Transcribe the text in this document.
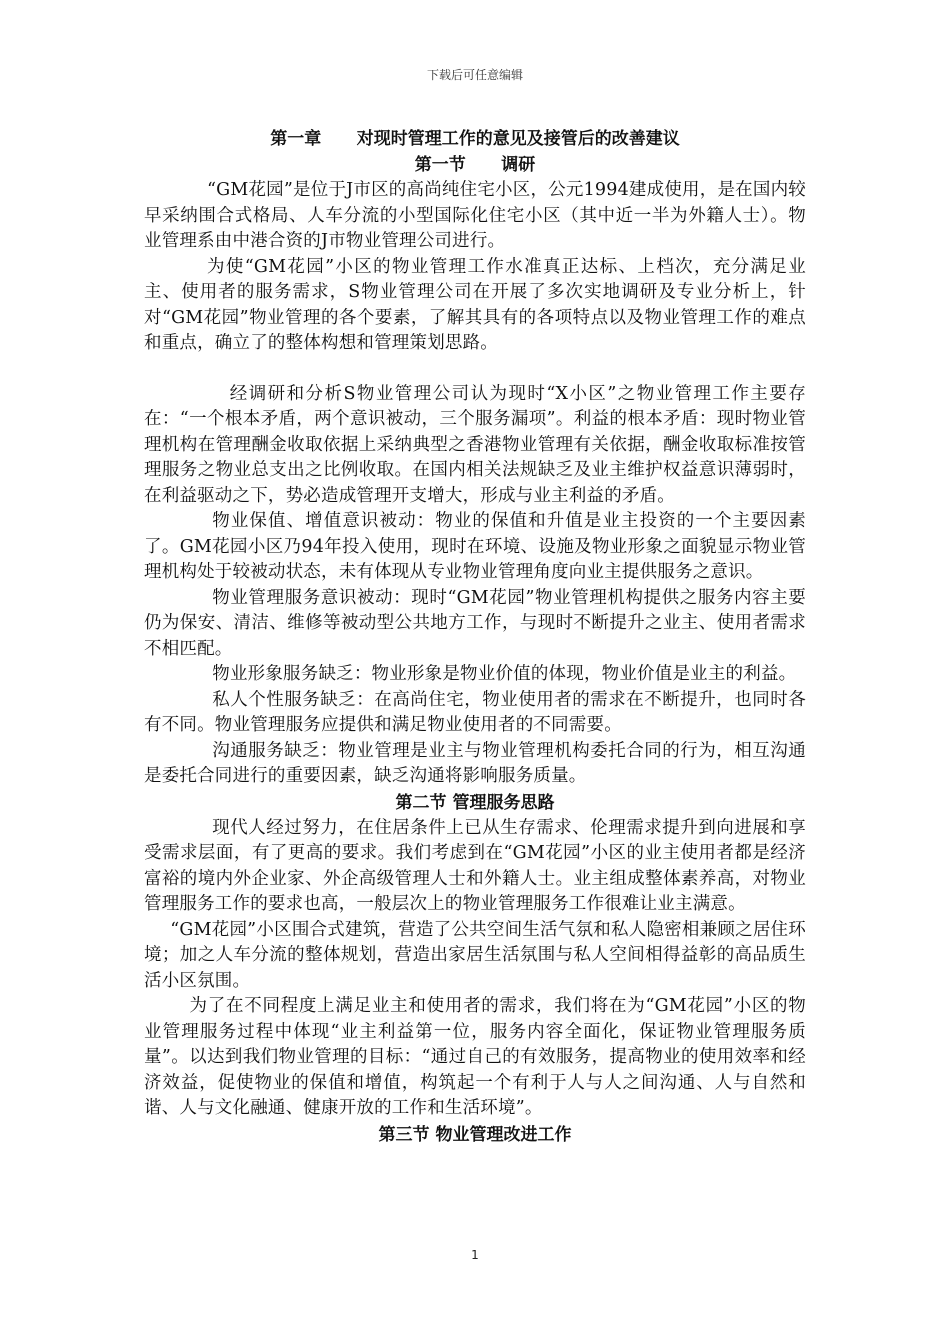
下载后可任意编辑
第一章      对现时管理工作的意见及接管后的改善建议
第一节      调研

“GM花园”是位于J市区的高尚纯住宅小区，公元1994建成使用，是在国内较早采纳围合式格局、人车分流的小型国际化住宅小区（其中近一半为外籍人士）。物业管理系由中港合资的J市物业管理公司进行。

为使“GM花园”小区的物业管理工作水准真正达标、上档次，充分满足业主、使用者的服务需求，S物业管理公司在开展了多次实地调研及专业分析上，针对“GM花园”物业管理的各个要素，了解其具有的各项特点以及物业管理工作的难点和重点，确立了的整体构想和管理策划思路。

经调研和分析S物业管理公司认为现时“X小区”之物业管理工作主要存在：“一个根本矛盾，两个意识被动，三个服务漏项”。利益的根本矛盾：现时物业管理机构在管理酬金收取依据上采纳典型之香港物业管理有关依据，酬金收取标准按管理服务之物业总支出之比例收取。在国内相关法规缺乏及业主维护权益意识薄弱时，在利益驱动之下，势必造成管理开支增大，形成与业主利益的矛盾。

物业保值、增值意识被动：物业的保值和升值是业主投资的一个主要因素了。GM花园小区乃94年投入使用，现时在环境、设施及物业形象之面貌显示物业管理机构处于较被动状态，未有体现从专业物业管理角度向业主提供服务之意识。

物业管理服务意识被动：现时“GM花园”物业管理机构提供之服务内容主要仍为保安、清洁、维修等被动型公共地方工作，与现时不断提升之业主、使用者需求不相匹配。

物业形象服务缺乏：物业形象是物业价值的体现，物业价值是业主的利益。

私人个性服务缺乏：在高尚住宅，物业使用者的需求在不断提升，也同时各有不同。物业管理服务应提供和满足物业使用者的不同需要。

沟通服务缺乏：物业管理是业主与物业管理机构委托合同的行为，相互沟通是委托合同进行的重要因素，缺乏沟通将影响服务质量。

第二节 管理服务思路

现代人经过努力，在住居条件上已从生存需求、伦理需求提升到向进展和享受需求层面，有了更高的要求。我们考虑到在“GM花园”小区的业主使用者都是经济富裕的境内外企业家、外企高级管理人士和外籍人士。业主组成整体素养高，对物业管理服务工作的要求也高，一般层次上的物业管理服务工作很难让业主满意。

“GM花园”小区围合式建筑，营造了公共空间生活气氛和私人隐密相兼顾之居住环境；加之人车分流的整体规划，营造出家居生活氛围与私人空间相得益彰的高品质生活小区氛围。

为了在不同程度上满足业主和使用者的需求，我们将在为“GM花园”小区的物业管理服务过程中体现“业主利益第一位，服务内容全面化，保证物业管理服务质量”。以达到我们物业管理的目标：“通过自己的有效服务，提高物业的使用效率和经济效益，促使物业的保值和增值，构筑起一个有利于人与人之间沟通、人与自然和谐、人与文化融通、健康开放的工作和生活环境”。

第三节 物业管理改进工作
1
